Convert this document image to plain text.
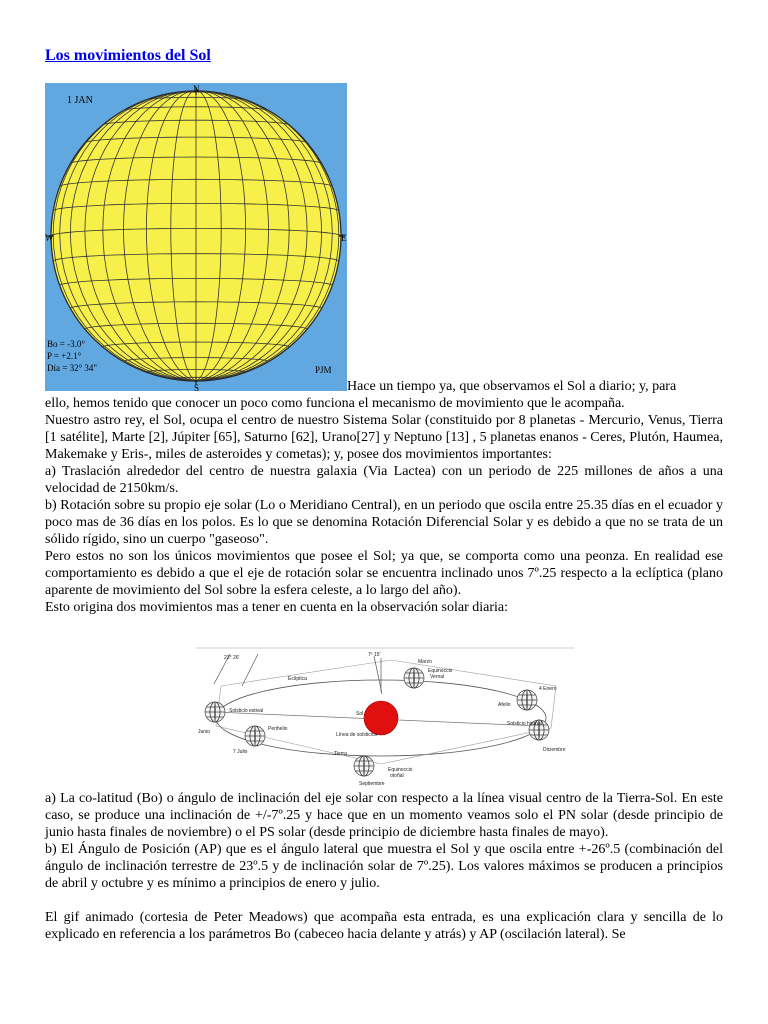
Los movimientos del Sol
1 JAN
N
S
W	E
Bo = -3.0°
P = +2.1°
Día = 32° 34"	PJM

Hace un tiempo ya, que observamos el Sol a diario; y, para

ello, hemos tenido que conocer un poco como funciona el mecanismo de movimiento que le acompaña.

Nuestro astro rey, el Sol, ocupa el centro de nuestro Sistema Solar (constituido por 8 planetas - Mercurio, Venus, Tierra [1 satélite], Marte [2], Júpiter [65], Saturno [62], Urano[27] y Neptuno [13] , 5 planetas enanos - Ceres, Plutón, Haumea, Makemake y Eris-, miles de asteroides y cometas); y, posee dos movimientos importantes:

a) Traslación alrededor del centro de nuestra galaxia (Via Lactea) con un periodo de 225 millones de años a una velocidad de 2150km/s.

b) Rotación sobre su propio eje solar (Lo o Meridiano Central), en un periodo que oscila entre 25.35 días en el ecuador y poco mas de 36 días en los polos. Es lo que se denomina Rotación Diferencial Solar y es debido a que no se trata de un sólido rígido, sino un cuerpo "gaseoso".

Pero estos no son los únicos movimientos que posee el Sol; ya que, se comporta como una peonza. En realidad ese comportamiento es debido a que el eje de rotación solar se encuentra inclinado unos 7º.25 respecto a la eclíptica (plano aparente de movimiento del Sol sobre la esfera celeste, a lo largo del año).

Esto origina dos movimientos mas a tener en cuenta en la observación solar diaria:

23° 26'	7º 15'
Eclíptica
Marzo
Equinoccio
Vernal
4 Enero
Afelio
Solsticio estival
Junio	Perihelio
7 Julio
Sol
Línea de solsticios
Tierra
Solsticio hiemal
Diciembre
Equinoccio
otoñal
Septiembre

a) La co-latitud (Bo) o ángulo de inclinación del eje solar con respecto a la línea visual centro de la Tierra-Sol. En este caso, se produce una inclinación de +/-7º.25 y hace que en un momento veamos solo el PN solar (desde principio de junio hasta finales de noviembre) o el PS solar (desde principio de diciembre hasta finales de mayo).

b) El Ángulo de Posición (AP) que es el ángulo lateral que muestra el Sol y que oscila entre +-26º.5 (combinación del ángulo de inclinación terrestre de 23º.5 y de inclinación solar de 7º.25). Los valores máximos se producen a principios de abril y octubre y es mínimo a principios de enero y julio.

El gif animado (cortesia de Peter Meadows) que acompaña esta entrada, es una explicación clara y sencilla de lo explicado en referencia a los parámetros Bo (cabeceo hacia delante y atrás) y AP (oscilación lateral). Se
